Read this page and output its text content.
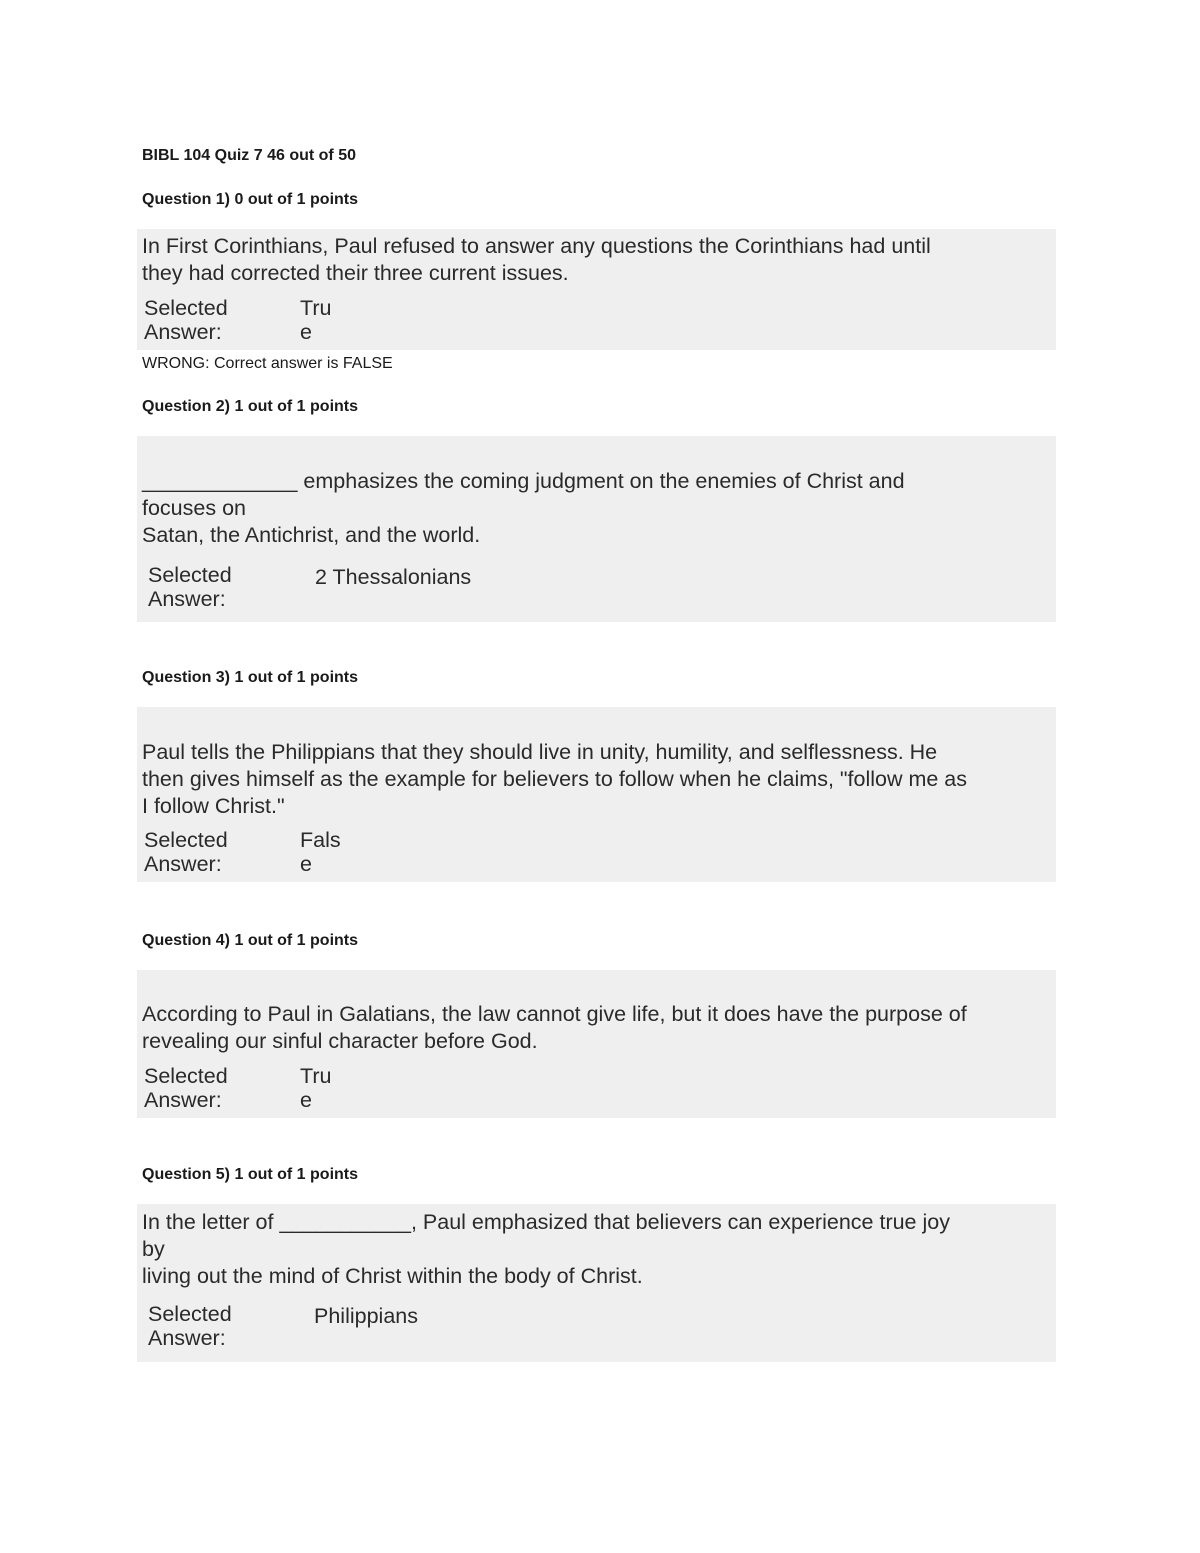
BIBL 104 Quiz 7 46 out of 50

Question 1) 0 out of 1 points

In First Corinthians, Paul refused to answer any questions the Corinthians had until
they had corrected their three current issues.

Selected
Answer:
True

WRONG: Correct answer is FALSE

Question 2) 1 out of 1 points

_____________ emphasizes the coming judgment on the enemies of Christ and
focuses on
Satan, the Antichrist, and the world.

Selected
Answer:
2 Thessalonians

Question 3) 1 out of 1 points

Paul tells the Philippians that they should live in unity, humility, and selflessness. He
then gives himself as the example for believers to follow when he claims, "follow me as
I follow Christ."

Selected
Answer:
False

Question 4) 1 out of 1 points

According to Paul in Galatians, the law cannot give life, but it does have the purpose of
revealing our sinful character before God.

Selected
Answer:
True

Question 5) 1 out of 1 points

In the letter of ___________, Paul emphasized that believers can experience true joy
by
living out the mind of Christ within the body of Christ.

Selected
Answer:
Philippians
